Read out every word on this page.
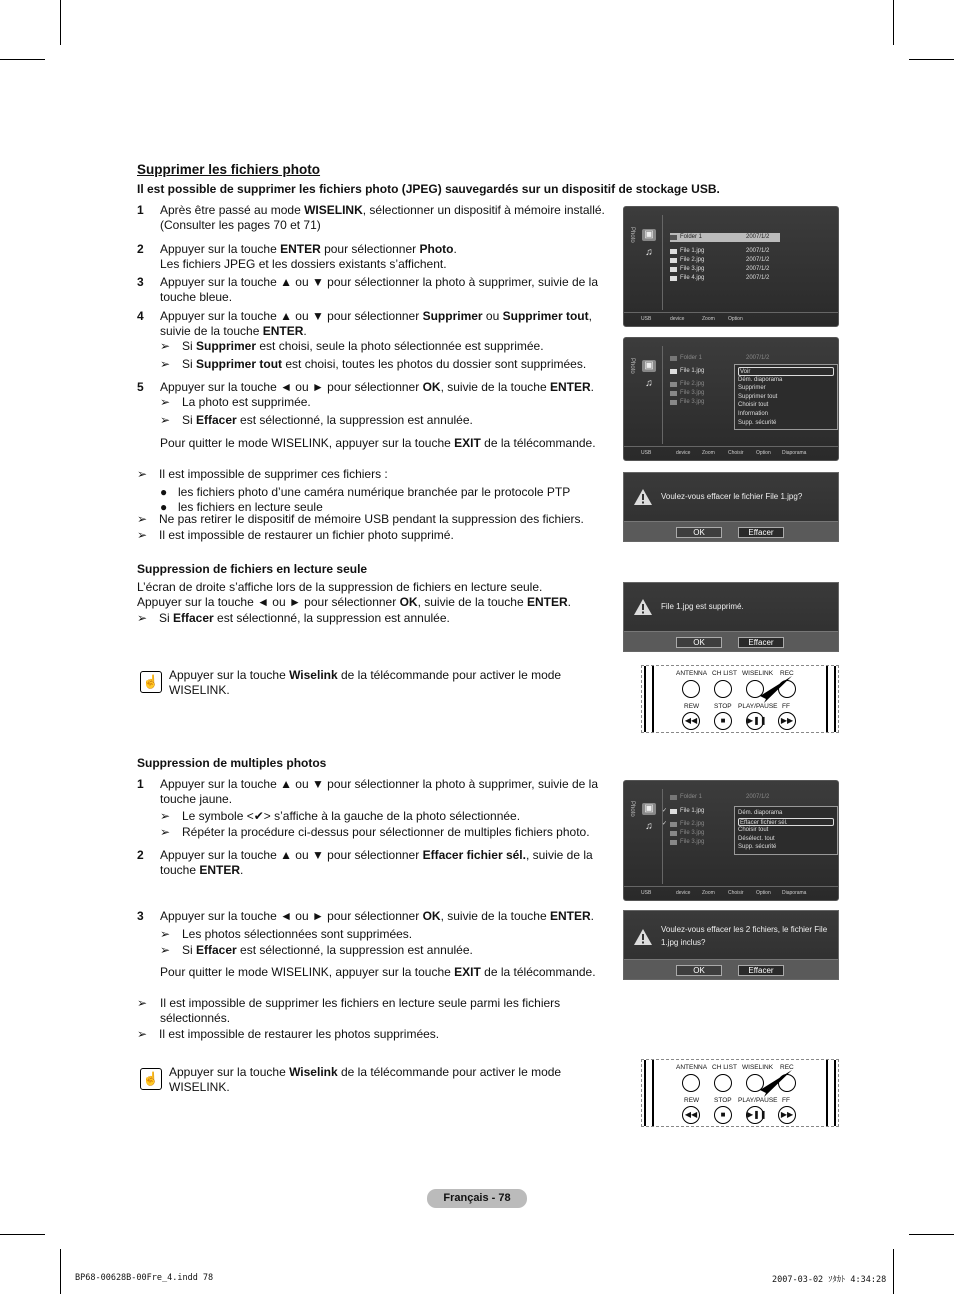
Supprimer les fichiers photo
Il est possible de supprimer les fichiers photo (JPEG) sauvegardés sur un dispositif de stockage USB.
1 Après être passé au mode WISELINK, sélectionner un dispositif à mémoire installé. (Consulter les pages 70 et 71)
2 Appuyer sur la touche ENTER pour sélectionner Photo.
Les fichiers JPEG et les dossiers existants s’affichent.
3 Appuyer sur la touche ▲ ou ▼ pour sélectionner la photo à supprimer, suivie de la touche bleue.
4 Appuyer sur la touche ▲ ou ▼ pour sélectionner Supprimer ou Supprimer tout, suivie de la touche ENTER.
➢ Si Supprimer est choisi, seule la photo sélectionnée est supprimée.
➢ Si Supprimer tout est choisi, toutes les photos du dossier sont supprimées.
5 Appuyer sur la touche ◄ ou ► pour sélectionner OK, suivie de la touche ENTER.
➢ La photo est supprimée.
➢ Si Effacer est sélectionné, la suppression est annulée.
Pour quitter le mode WISELINK, appuyer sur la touche EXIT de la télécommande.
➢ Il est impossible de supprimer ces fichiers :
● les fichiers photo d’une caméra numérique branchée par le protocole PTP
● les fichiers en lecture seule
➢ Ne pas retirer le dispositif de mémoire USB pendant la suppression des fichiers.
➢ Il est impossible de restaurer un fichier photo supprimé.
Suppression de fichiers en lecture seule
L’écran de droite s’affiche lors de la suppression de fichiers en lecture seule.
Appuyer sur la touche ◄ ou ► pour sélectionner OK, suivie de la touche ENTER.
➢ Si Effacer est sélectionné, la suppression est annulée.
☝ Appuyer sur la touche Wiselink de la télécommande pour activer le mode WISELINK.
Suppression de multiples photos
1 Appuyer sur la touche ▲ ou ▼ pour sélectionner la photo à supprimer, suivie de la touche jaune.
➢ Le symbole <✔> s’affiche à la gauche de la photo sélectionnée.
➢ Répéter la procédure ci-dessus pour sélectionner de multiples fichiers photo.
2 Appuyer sur la touche ▲ ou ▼ pour sélectionner Effacer fichier sél., suivie de la touche ENTER.
3 Appuyer sur la touche ◄ ou ► pour sélectionner OK, suivie de la touche ENTER.
➢ Les photos sélectionnées sont supprimées.
➢ Si Effacer est sélectionné, la suppression est annulée.
Pour quitter le mode WISELINK, appuyer sur la touche EXIT de la télécommande.
➢	Il est impossible de supprimer les fichiers en lecture seule parmi les fichiers sélectionnés.
➢ Il est impossible de restaurer les photos supprimées.
☝ Appuyer sur la touche Wiselink de la télécommande pour activer le mode WISELINK.
Photo ▣
♫
Folder 1	2007/1/2
File 1.jpg	2007/1/2
File 2.jpg	2007/1/2
File 3.jpg	2007/1/2
File 4.jpg	2007/1/2
USB	device	Zoom	Option
Photo ▣
♫
Folder 1	2007/1/2
File 1.jpg
File 2.jpg
File 3.jpg
File 3.jpg
Voir
Dém. diaporama
Supprimer
Supprimer tout
Choisir tout
Information
Supp. sécurité
USB	device Zoom	Choisir Option Diaporama
Voulez-vous effacer le fichier File 1.jpg?
OK	Effacer
File 1.jpg est supprimé.
OK	Effacer
ANTENNA CH LIST WISELINK REC
REW STOP PLAY/PAUSE FF
◀◀	■	▶❚❚	▶▶
Photo ▣
♫
Folder 1	2007/1/2
✓ File 1.jpg
✓ File 2.jpg
File 3.jpg
File 3.jpg
Dém. diaporama
Effacer fichier sél.
Choisir tout
Désélect. tout
Supp. sécurité
USB	device Zoom	Choisir Option Diaporama
Voulez-vous effacer les 2 fichiers, le fichier File 1.jpg inclus?
OK	Effacer
ANTENNA CH LIST WISELINK REC
REW STOP PLAY/PAUSE FF
◀◀	■	▶❚❚	▶▶
Français - 78
BP68-00628B-00Fre_4.indd 78	2007-03-02 ｿﾀｶﾄ 4:34:28
